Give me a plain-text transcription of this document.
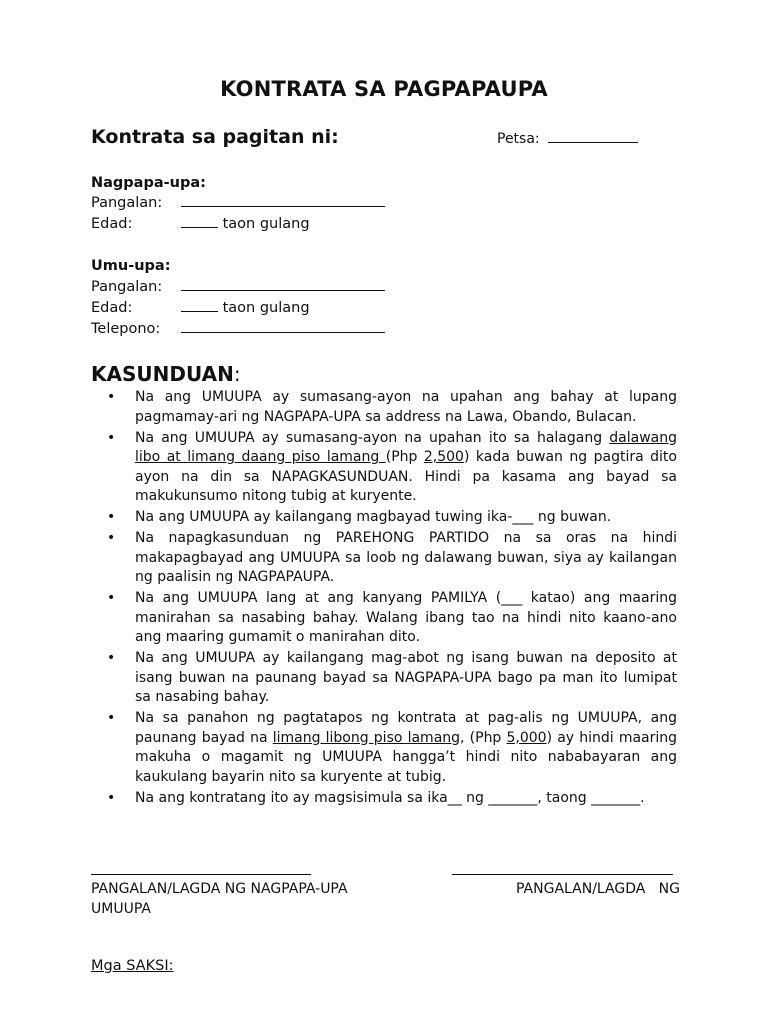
KONTRATA SA PAGPAPAUPA
Kontrata sa pagitan ni:	Petsa:
Nagpapa-upa:
Pangalan:
Edad:	taon gulang
Umu-upa:
Pangalan:
Edad:	taon gulang
Telepono:
KASUNDUAN:
• Na ang UMUUPA ay sumasang-ayon na upahan ang bahay at lupang pagmamay-ari ng NAGPAPA-UPA sa address na Lawa, Obando, Bulacan.
• Na ang UMUUPA ay sumasang-ayon na upahan ito sa halagang dalawang libo at limang daang piso lamang (Php 2,500) kada buwan ng pagtira dito ayon na din sa NAPAGKASUNDUAN. Hindi pa kasama ang bayad sa makukunsumo nitong tubig at kuryente.
• Na ang UMUUPA ay kailangang magbayad tuwing ika-___ ng buwan.
• Na napagkasunduan ng PAREHONG PARTIDO na sa oras na hindi makapagbayad ang UMUUPA sa loob ng dalawang buwan, siya ay kailangan ng paalisin ng NAGPAPAUPA.
• Na ang UMUUPA lang at ang kanyang PAMILYA (___ katao) ang maaring manirahan sa nasabing bahay. Walang ibang tao na hindi nito kaano-ano ang maaring gumamit o manirahan dito.
• Na ang UMUUPA ay kailangang mag-abot ng isang buwan na deposito at isang buwan na paunang bayad sa NAGPAPA-UPA bago pa man ito lumipat sa nasabing bahay.
• Na sa panahon ng pagtatapos ng kontrata at pag-alis ng UMUUPA, ang paunang bayad na limang libong piso lamang, (Php 5,000) ay hindi maaring makuha o magamit ng UMUUPA hangga’t hindi nito nababayaran ang kaukulang bayarin nito sa kuryente at tubig.
• Na ang kontratang ito ay magsisimula sa ika__ ng _______, taong _______.
PANGALAN/LAGDA NG NAGPAPA-UPA	PANGALAN/LAGDA   NG
UMUUPA
Mga SAKSI:
